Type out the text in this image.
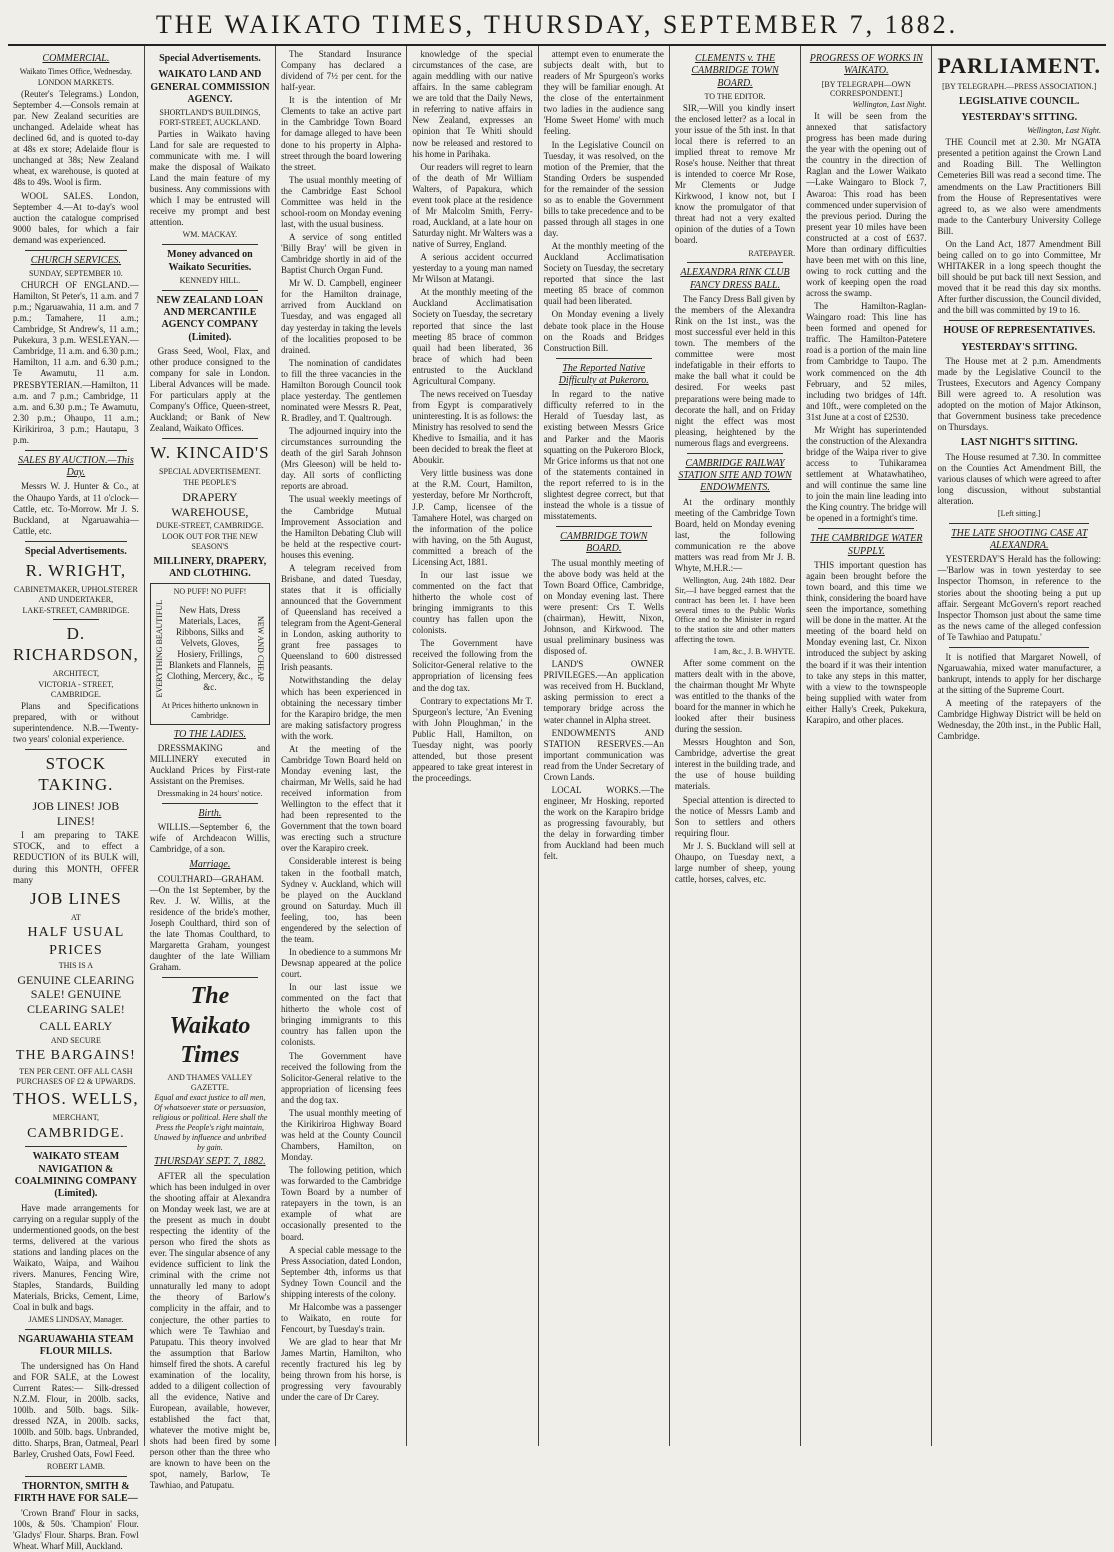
THE WAIKATO TIMES, THURSDAY, SEPTEMBER 7, 1882.
COMMERCIAL.
Waikato Times Office, Wednesday.
LONDON MARKETS.

(Reuter's Telegrams.) London, September 4.—Consols remain at par. New Zealand securities are unchanged. Adelaide wheat has declined 6d, and is quoted to-day at 48s ex store; Adelaide flour is unchanged at 38s; New Zealand wheat, ex warehouse, is quoted at 48s to 49s. Wool is firm.

WOOL SALES. London, September 4.—At to-day's wool auction the catalogue comprised 9000 bales, for which a fair demand was experienced.

CHURCH SERVICES.
SUNDAY, SEPTEMBER 10.

CHURCH OF ENGLAND.—Hamilton, St Peter's, 11 a.m. and 7 p.m.; Ngaruawahia, 11 a.m. and 7 p.m.; Tamahere, 11 a.m.; Cambridge, St Andrew's, 11 a.m.; Pukekura, 3 p.m. WESLEYAN.—Cambridge, 11 a.m. and 6.30 p.m.; Hamilton, 11 a.m. and 6.30 p.m.; Te Awamutu, 11 a.m. PRESBYTERIAN.—Hamilton, 11 a.m. and 7 p.m.; Cambridge, 11 a.m. and 6.30 p.m.; Te Awamutu, 2.30 p.m.; Ohaupo, 11 a.m.; Kirikiriroa, 3 p.m.; Hautapu, 3 p.m.

SALES BY AUCTION.—This Day.

Messrs W. J. Hunter & Co., at the Ohaupo Yards, at 11 o'clock—Cattle, etc. To-Morrow. Mr J. S. Buckland, at Ngaruawahia—Cattle, etc.

Special Advertisements.
R. WRIGHT,
CABINETMAKER, UPHOLSTERER AND UNDERTAKER,
LAKE-STREET, CAMBRIDGE.
D. RICHARDSON,
ARCHITECT,
VICTORIA - STREET, CAMBRIDGE.

Plans and Specifications prepared, with or without superintendence. N.B.—Twenty-two years' colonial experience.

STOCK TAKING.
JOB LINES! JOB LINES!

I am preparing to TAKE STOCK, and to effect a REDUCTION of its BULK will, during this MONTH, OFFER many

JOB LINES
AT
HALF USUAL PRICES
THIS IS A
GENUINE CLEARING SALE! GENUINE CLEARING SALE!
CALL EARLY
AND SECURE
THE BARGAINS!
TEN PER CENT. OFF ALL CASH PURCHASES OF £2 & UPWARDS.
THOS. WELLS,
MERCHANT,
CAMBRIDGE.
WAIKATO STEAM NAVIGATION & COALMINING COMPANY (Limited).

Have made arrangements for carrying on a regular supply of the undermentioned goods, on the best terms, delivered at the various stations and landing places on the Waikato, Waipa, and Waihou rivers. Manures, Fencing Wire, Staples, Standards, Building Materials, Bricks, Cement, Lime, Coal in bulk and bags.

JAMES LINDSAY, Manager.
NGARUAWAHIA STEAM FLOUR MILLS.

The undersigned has On Hand and FOR SALE, at the Lowest Current Rates:— Silk-dressed N.Z.M. Flour, in 200lb. sacks, 100lb. and 50lb. bags. Silk-dressed NZA, in 200lb. sacks, 100lb. and 50lb. bags. Unbranded, ditto. Sharps, Bran, Oatmeal, Pearl Barley, Crushed Oats, Fowl Feed.

ROBERT LAMB.
THORNTON, SMITH & FIRTH HAVE FOR SALE—

'Crown Brand' Flour in sacks, 100s, & 50s. 'Champion' Flour. 'Gladys' Flour. Sharps. Bran. Fowl Wheat. Wharf Mill, Auckland.

Special Advertisements.
WAIKATO LAND AND GENERAL COMMISSION AGENCY.
SHORTLAND'S BUILDINGS, FORT-STREET, AUCKLAND.

Parties in Waikato having Land for sale are requested to communicate with me. I will make the disposal of Waikato Land the main feature of my business. Any commissions with which I may be entrusted will receive my prompt and best attention.

WM. MACKAY.
Money advanced on Waikato Securities.
KENNEDY HILL.
NEW ZEALAND LOAN AND MERCANTILE AGENCY COMPANY (Limited).

Grass Seed, Wool, Flax, and other produce consigned to the company for sale in London. Liberal Advances will be made. For particulars apply at the Company's Office, Queen-street, Auckland; or Bank of New Zealand, Waikato Offices.

W. KINCAID'S
SPECIAL ADVERTISEMENT.
THE PEOPLE'S
DRAPERY WAREHOUSE,
DUKE-STREET, CAMBRIDGE.
LOOK OUT FOR THE NEW SEASON'S
MILLINERY, DRAPERY, AND CLOTHING.
NO PUFF! NO PUFF!
EVERYTHING BEAUTIFUL	New Hats, Dress Materials, Laces, Ribbons, Silks and Velvets, Gloves, Hosiery, Frillings, Blankets and Flannels, Clothing, Mercery, &c., &c.
NEW AND CHEAP
At Prices hitherto unknown in Cambridge.
TO THE LADIES.

DRESSMAKING and MILLINERY executed in Auckland Prices by First-rate Assistant on the Premises.

Dressmaking in 24 hours' notice.
Birth.

WILLIS.—September 6, the wife of Archdeacon Willis, Cambridge, of a son.

Marriage.

COULTHARD—GRAHAM.—On the 1st September, by the Rev. J. W. Willis, at the residence of the bride's mother, Joseph Coulthard, third son of the late Thomas Coulthard, to Margaretta Graham, youngest daughter of the late William Graham.

The Waikato Times
AND THAMES VALLEY GAZETTE.
Equal and exact justice to all men, Of whatsoever state or persuasion, religious or political. Here shall the Press the People's right maintain, Unawed by influence and unbribed by gain.
THURSDAY SEPT. 7, 1882.

AFTER all the speculation which has been indulged in over the shooting affair at Alexandra on Monday week last, we are at the present as much in doubt respecting the identity of the person who fired the shots as ever. The singular absence of any evidence sufficient to link the criminal with the crime not unnaturally led many to adopt the theory of Barlow's complicity in the affair, and to conjecture, the other parties to which were Te Tawhiao and Patupatu. This theory involved the assumption that Barlow himself fired the shots. A careful examination of the locality, added to a diligent collection of all the evidence, Native and European, available, however, established the fact that, whatever the motive might be, shots had been fired by some person other than the three who are known to have been on the spot, namely, Barlow, Te Tawhiao, and Patupatu.

The Standard Insurance Company has declared a dividend of 7½ per cent. for the half-year.

It is the intention of Mr Clements to take an active part in the Cambridge Town Board for damage alleged to have been done to his property in Alpha-street through the board lowering the street.

The usual monthly meeting of the Cambridge East School Committee was held in the school-room on Monday evening last, with the usual business.

A service of song entitled 'Billy Bray' will be given in Cambridge shortly in aid of the Baptist Church Organ Fund.

Mr W. D. Campbell, engineer for the Hamilton drainage, arrived from Auckland on Tuesday, and was engaged all day yesterday in taking the levels of the localities proposed to be drained.

The nomination of candidates to fill the three vacancies in the Hamilton Borough Council took place yesterday. The gentlemen nominated were Messrs R. Peat, R. Bradley, and T. Qualtrough.

The adjourned inquiry into the circumstances surrounding the death of the girl Sarah Johnson (Mrs Gleeson) will be held to-day. All sorts of conflicting reports are abroad.

The usual weekly meetings of the Cambridge Mutual Improvement Association and the Hamilton Debating Club will be held at the respective court-houses this evening.

A telegram received from Brisbane, and dated Tuesday, states that it is officially announced that the Government of Queensland has received a telegram from the Agent-General in London, asking authority to grant free passages to Queensland to 600 distressed Irish peasants.

Notwithstanding the delay which has been experienced in obtaining the necessary timber for the Karapiro bridge, the men are making satisfactory progress with the work.

At the meeting of the Cambridge Town Board held on Monday evening last, the chairman, Mr Wells, said he had received information from Wellington to the effect that it had been represented to the Government that the town board was erecting such a structure over the Karapiro creek.

Considerable interest is being taken in the football match, Sydney v. Auckland, which will be played on the Auckland ground on Saturday. Much ill feeling, too, has been engendered by the selection of the team.

In obedience to a summons Mr Dewsnap appeared at the police court.

In our last issue we commented on the fact that hitherto the whole cost of bringing immigrants to this country has fallen upon the colonists.

The Government have received the following from the Solicitor-General relative to the appropriation of licensing fees and the dog tax.

The usual monthly meeting of the Kirikiriroa Highway Board was held at the County Council Chambers, Hamilton, on Monday.

The following petition, which was forwarded to the Cambridge Town Board by a number of ratepayers in the town, is an example of what are occasionally presented to the board.

A special cable message to the Press Association, dated London, September 4th, informs us that Sydney Town Council and the shipping interests of the colony.

Mr Halcombe was a passenger to Waikato, en route for Fencourt, by Tuesday's train.

We are glad to hear that Mr James Martin, Hamilton, who recently fractured his leg by being thrown from his horse, is progressing very favourably under the care of Dr Carey.

knowledge of the special circumstances of the case, are again meddling with our native affairs. In the same cablegram we are told that the Daily News, in referring to native affairs in New Zealand, expresses an opinion that Te Whiti should now be released and restored to his home in Parihaka.

Our readers will regret to learn of the death of Mr William Walters, of Papakura, which event took place at the residence of Mr Malcolm Smith, Ferry-road, Auckland, at a late hour on Saturday night. Mr Walters was a native of Surrey, England.

A serious accident occurred yesterday to a young man named Mr Wilson at Matangi.

At the monthly meeting of the Auckland Acclimatisation Society on Tuesday, the secretary reported that since the last meeting 85 brace of common quail had been liberated, 36 brace of which had been entrusted to the Auckland Agricultural Company.

The news received on Tuesday from Egypt is comparatively uninteresting. It is as follows: the Ministry has resolved to send the Khedive to Ismailia, and it has been decided to break the fleet at Aboukir.

Very little business was done at the R.M. Court, Hamilton, yesterday, before Mr Northcroft, J.P. Camp, licensee of the Tamahere Hotel, was charged on the information of the police with having, on the 5th August, committed a breach of the Licensing Act, 1881.

In our last issue we commented on the fact that hitherto the whole cost of bringing immigrants to this country has fallen upon the colonists.

The Government have received the following from the Solicitor-General relative to the appropriation of licensing fees and the dog tax.

Contrary to expectations Mr T. Spurgeon's lecture, 'An Evening with John Ploughman,' in the Public Hall, Hamilton, on Tuesday night, was poorly attended, but those present appeared to take great interest in the proceedings.

attempt even to enumerate the subjects dealt with, but to readers of Mr Spurgeon's works they will be familiar enough. At the close of the entertainment two ladies in the audience sang 'Home Sweet Home' with much feeling.

In the Legislative Council on Tuesday, it was resolved, on the motion of the Premier, that the Standing Orders be suspended for the remainder of the session so as to enable the Government bills to take precedence and to be passed through all stages in one day.

At the monthly meeting of the Auckland Acclimatisation Society on Tuesday, the secretary reported that since the last meeting 85 brace of common quail had been liberated.

On Monday evening a lively debate took place in the House on the Roads and Bridges Construction Bill.

The Reported Native Difficulty at Pukeroro.

In regard to the native difficulty referred to in the Herald of Tuesday last, as existing between Messrs Grice and Parker and the Maoris squatting on the Pukeroro Block, Mr Grice informs us that not one of the statements contained in the report referred to is in the slightest degree correct, but that instead the whole is a tissue of misstatements.

CAMBRIDGE TOWN BOARD.

The usual monthly meeting of the above body was held at the Town Board Office, Cambridge, on Monday evening last. There were present: Crs T. Wells (chairman), Hewitt, Nixon, Johnson, and Kirkwood. The usual preliminary business was disposed of.

LAND'S OWNER PRIVILEGES.—An application was received from H. Buckland, asking permission to erect a temporary bridge across the water channel in Alpha street.

ENDOWMENTS AND STATION RESERVES.—An important communication was read from the Under Secretary of Crown Lands.

LOCAL WORKS.—The engineer, Mr Hosking, reported the work on the Karapiro bridge as progressing favourably, but the delay in forwarding timber from Auckland had been much felt.

CLEMENTS v. THE CAMBRIDGE TOWN BOARD.
TO THE EDITOR.

SIR,—Will you kindly insert the enclosed letter? as a local in your issue of the 5th inst. In that local there is referred to an implied threat to remove Mr Rose's house. Neither that threat is intended to coerce Mr Rose, Mr Clements or Judge Kirkwood, I know not, but I know the promulgator of that threat had not a very exalted opinion of the duties of a Town board.

RATEPAYER.
ALEXANDRA RINK CLUB FANCY DRESS BALL.

The Fancy Dress Ball given by the members of the Alexandra Rink on the 1st inst., was the most successful ever held in this town. The members of the committee were most indefatigable in their efforts to make the ball what it could be desired. For weeks past preparations were being made to decorate the hall, and on Friday night the effect was most pleasing, heightened by the numerous flags and evergreens.

CAMBRIDGE RAILWAY STATION SITE AND TOWN ENDOWMENTS.

At the ordinary monthly meeting of the Cambridge Town Board, held on Monday evening last, the following communication re the above matters was read from Mr J. B. Whyte, M.H.R.:—

Wellington, Aug. 24th 1882. Dear Sir,—I have begged earnest that the contract has been let. I have been several times to the Public Works Office and to the Minister in regard to the station site and other matters affecting the town.

I am, &c., J. B. WHYTE.

After some comment on the matters dealt with in the above, the chairman thought Mr Whyte was entitled to the thanks of the board for the manner in which he looked after their business during the session.

Messrs Houghton and Son, Cambridge, advertise the great interest in the building trade, and the use of house building materials.

Special attention is directed to the notice of Messrs Lamb and Son to settlers and others requiring flour.

Mr J. S. Buckland will sell at Ohaupo, on Tuesday next, a large number of sheep, young cattle, horses, calves, etc.

PROGRESS OF WORKS IN WAIKATO.
[BY TELEGRAPH—OWN CORRESPONDENT.]
Wellington, Last Night.

It will be seen from the annexed that satisfactory progress has been made during the year with the opening out of the country in the direction of Raglan and the Lower Waikato—Lake Waingaro to Block 7, Awaroa: This road has been commenced under supervision of the previous period. During the present year 10 miles have been constructed at a cost of £637. More than ordinary difficulties have been met with on this line, owing to rock cutting and the work of keeping open the road across the swamp.

The Hamilton-Raglan-Waingaro road: This line has been formed and opened for traffic. The Hamilton-Patetere road is a portion of the main line from Cambridge to Taupo. The work commenced on the 4th February, and 52 miles, including two bridges of 14ft. and 10ft., were completed on the 31st June at a cost of £2530.

Mr Wright has superintended the construction of the Alexandra bridge of the Waipa river to give access to Tuhikaramea settlement at Whatawhatiheo, and will continue the same line to join the main line leading into the King country. The bridge will be opened in a fortnight's time.

THE CAMBRIDGE WATER SUPPLY.

THIS important question has again been brought before the town board, and this time we think, considering the board have seen the importance, something will be done in the matter. At the meeting of the board held on Monday evening last, Cr. Nixon introduced the subject by asking the board if it was their intention to take any steps in this matter, with a view to the townspeople being supplied with water from either Hally's Creek, Pukekura, Karapiro, and other places.

PARLIAMENT.
[BY TELEGRAPH.—PRESS ASSOCIATION.]
LEGISLATIVE COUNCIL.
YESTERDAY'S SITTING.
Wellington, Last Night.

THE Council met at 2.30. Mr NGATA presented a petition against the Crown Land and Roading Bill. The Wellington Cemeteries Bill was read a second time. The amendments on the Law Practitioners Bill from the House of Representatives were agreed to, as we also were amendments made to the Canterbury University College Bill.

On the Land Act, 1877 Amendment Bill being called on to go into Committee, Mr WHITAKER in a long speech thought the bill should be put back till next Session, and moved that it be read this day six months. After further discussion, the Council divided, and the bill was committed by 19 to 16.

HOUSE OF REPRESENTATIVES.
YESTERDAY'S SITTING.

The House met at 2 p.m. Amendments made by the Legislative Council to the Trustees, Executors and Agency Company Bill were agreed to. A resolution was adopted on the motion of Major Atkinson, that Government business take precedence on Thursdays.

LAST NIGHT'S SITTING.

The House resumed at 7.30. In committee on the Counties Act Amendment Bill, the various clauses of which were agreed to after long discussion, without substantial alteration.

[Left sitting.]
THE LATE SHOOTING CASE AT ALEXANDRA.

YESTERDAY'S Herald has the following:—'Barlow was in town yesterday to see Inspector Thomson, in reference to the stories about the shooting being a put up affair. Sergeant McGovern's report reached Inspector Thomson just about the same time as the news came of the alleged confession of Te Tawhiao and Patupatu.'

It is notified that Margaret Nowell, of Ngaruawahia, mixed water manufacturer, a bankrupt, intends to apply for her discharge at the sitting of the Supreme Court.

A meeting of the ratepayers of the Cambridge Highway District will be held on Wednesday, the 20th inst., in the Public Hall, Cambridge.
